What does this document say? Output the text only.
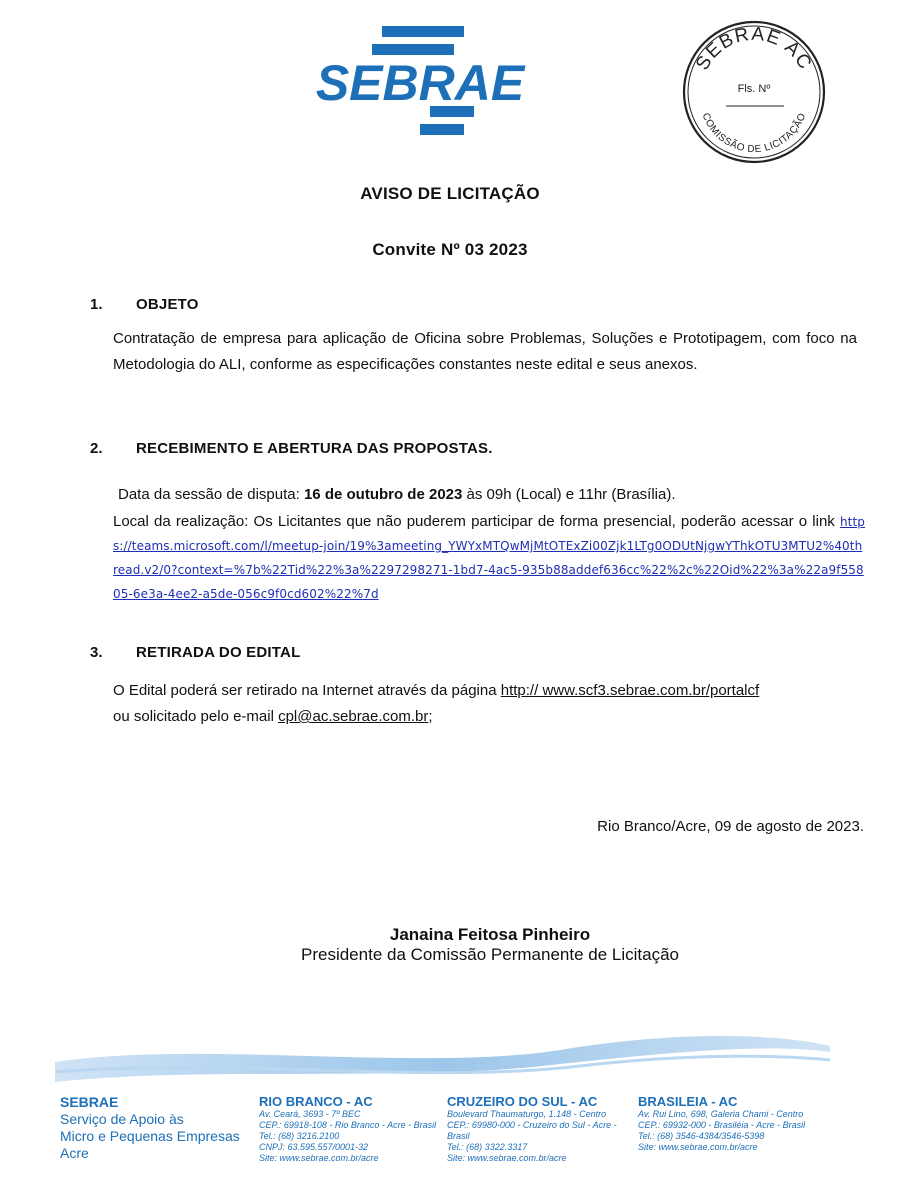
SEBRAE	SEBRAE AC
Fls. Nº
COMISSÃO DE LICITAÇÃO
AVISO DE LICITAÇÃO
Convite Nº 03 2023
1. OBJETO
Contratação de empresa para aplicação de Oficina sobre Problemas, Soluções e Prototipagem, com foco na Metodologia do ALI, conforme as especificações constantes neste edital e seus anexos.
2. RECEBIMENTO E ABERTURA DAS PROPOSTAS.
Data da sessão de disputa: 16 de outubro de 2023 às 09h (Local) e 11hr (Brasília).
Local da realização: Os Licitantes que não puderem participar de forma presencial, poderão acessar o link https://teams.microsoft.com/l/meetup-join/19%3ameeting_YWYxMTQwMjMtOTExZi00Zjk1LTg0ODUtNjgwYThkOTU3MTU2%40thread.v2/0?context=%7b%22Tid%22%3a%2297298271-1bd7-4ac5-935b88addef636cc%22%2c%22Oid%22%3a%22a9f55805-6e3a-4ee2-a5de-056c9f0cd602%22%7d
3. RETIRADA DO EDITAL
O Edital poderá ser retirado na Internet através da página http:// www.scf3.sebrae.com.br/portalcf
ou solicitado pelo e-mail cpl@ac.sebrae.com.br;
Rio Branco/Acre, 09 de agosto de 2023.
Janaina Feitosa Pinheiro
Presidente da Comissão Permanente de Licitação
SEBRAE
Serviço de Apoio às
Micro e Pequenas Empresas
Acre
RIO BRANCO - AC
Av. Ceará, 3693 - 7º BEC
CEP.: 69918-108 - Rio Branco - Acre - Brasil
Tel.: (68) 3216.2100
CNPJ: 63.595.557/0001-32
Site: www.sebrae.com.br/acre
CRUZEIRO DO SUL - AC
Boulevard Thaumaturgo, 1.148 - Centro
CEP.: 69980-000 - Cruzeiro do Sul - Acre - Brasil
Tel.: (68) 3322.3317
Site: www.sebrae.com.br/acre
BRASILEIA - AC
Av. Rui Lino, 698, Galeria Chami - Centro
CEP.: 69932-000 - Brasiléia - Acre - Brasil
Tel.: (68) 3546-4384/3546-5398
Site: www.sebrae.com.br/acre
